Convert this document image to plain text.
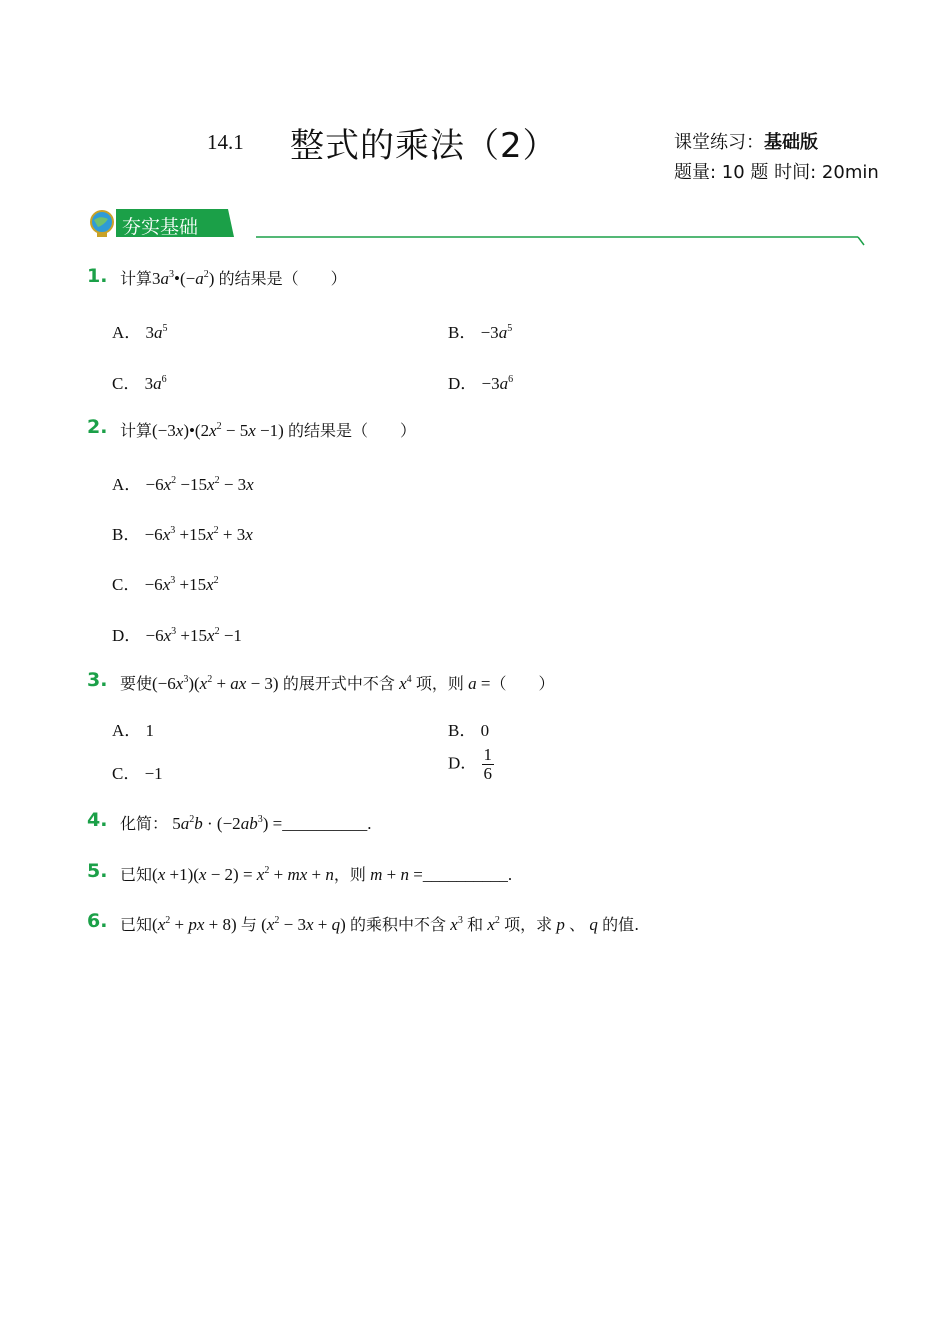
14.1 整式的乘法（2）	课堂练习：基础版
题量: 10 题 时间: 20min
夯实基础
1. 计算$3a^3•(-a^2)$ 的结果是（　　）
A． $3a^5$	B． $-3a^5$
C． $3a^6$	D． $-3a^6$
2. 计算$(-3x)•(2x^2 - 5x -1)$ 的结果是（　　）
A． $-6x^2 -15x^2 - 3x$
B． $-6x^3 +15x^2 + 3x$
C． $-6x^3 +15x^2$
D． $-6x^3 +15x^2 -1$
3. 要使$(-6x^3)(x^2$ + ax − 3) 的展开式中不含 $x^4$ 项，则 a =（　　）
A． 1	B． 0
C． −1
D． $\frac{1}{6}$
4. 化简： $5a^2b \cdot (-2ab^3)$ =__________.
5. 已知$(x +1)(x - 2) = x^2$ + mx + n，则 m + n =__________.
6. 已知($x^2$ + px + 8) 与 $(x^2 - 3x + q)$ 的乘积中不含 $x^3$ 和 $x^2$ 项，求 p 、 q 的值.
